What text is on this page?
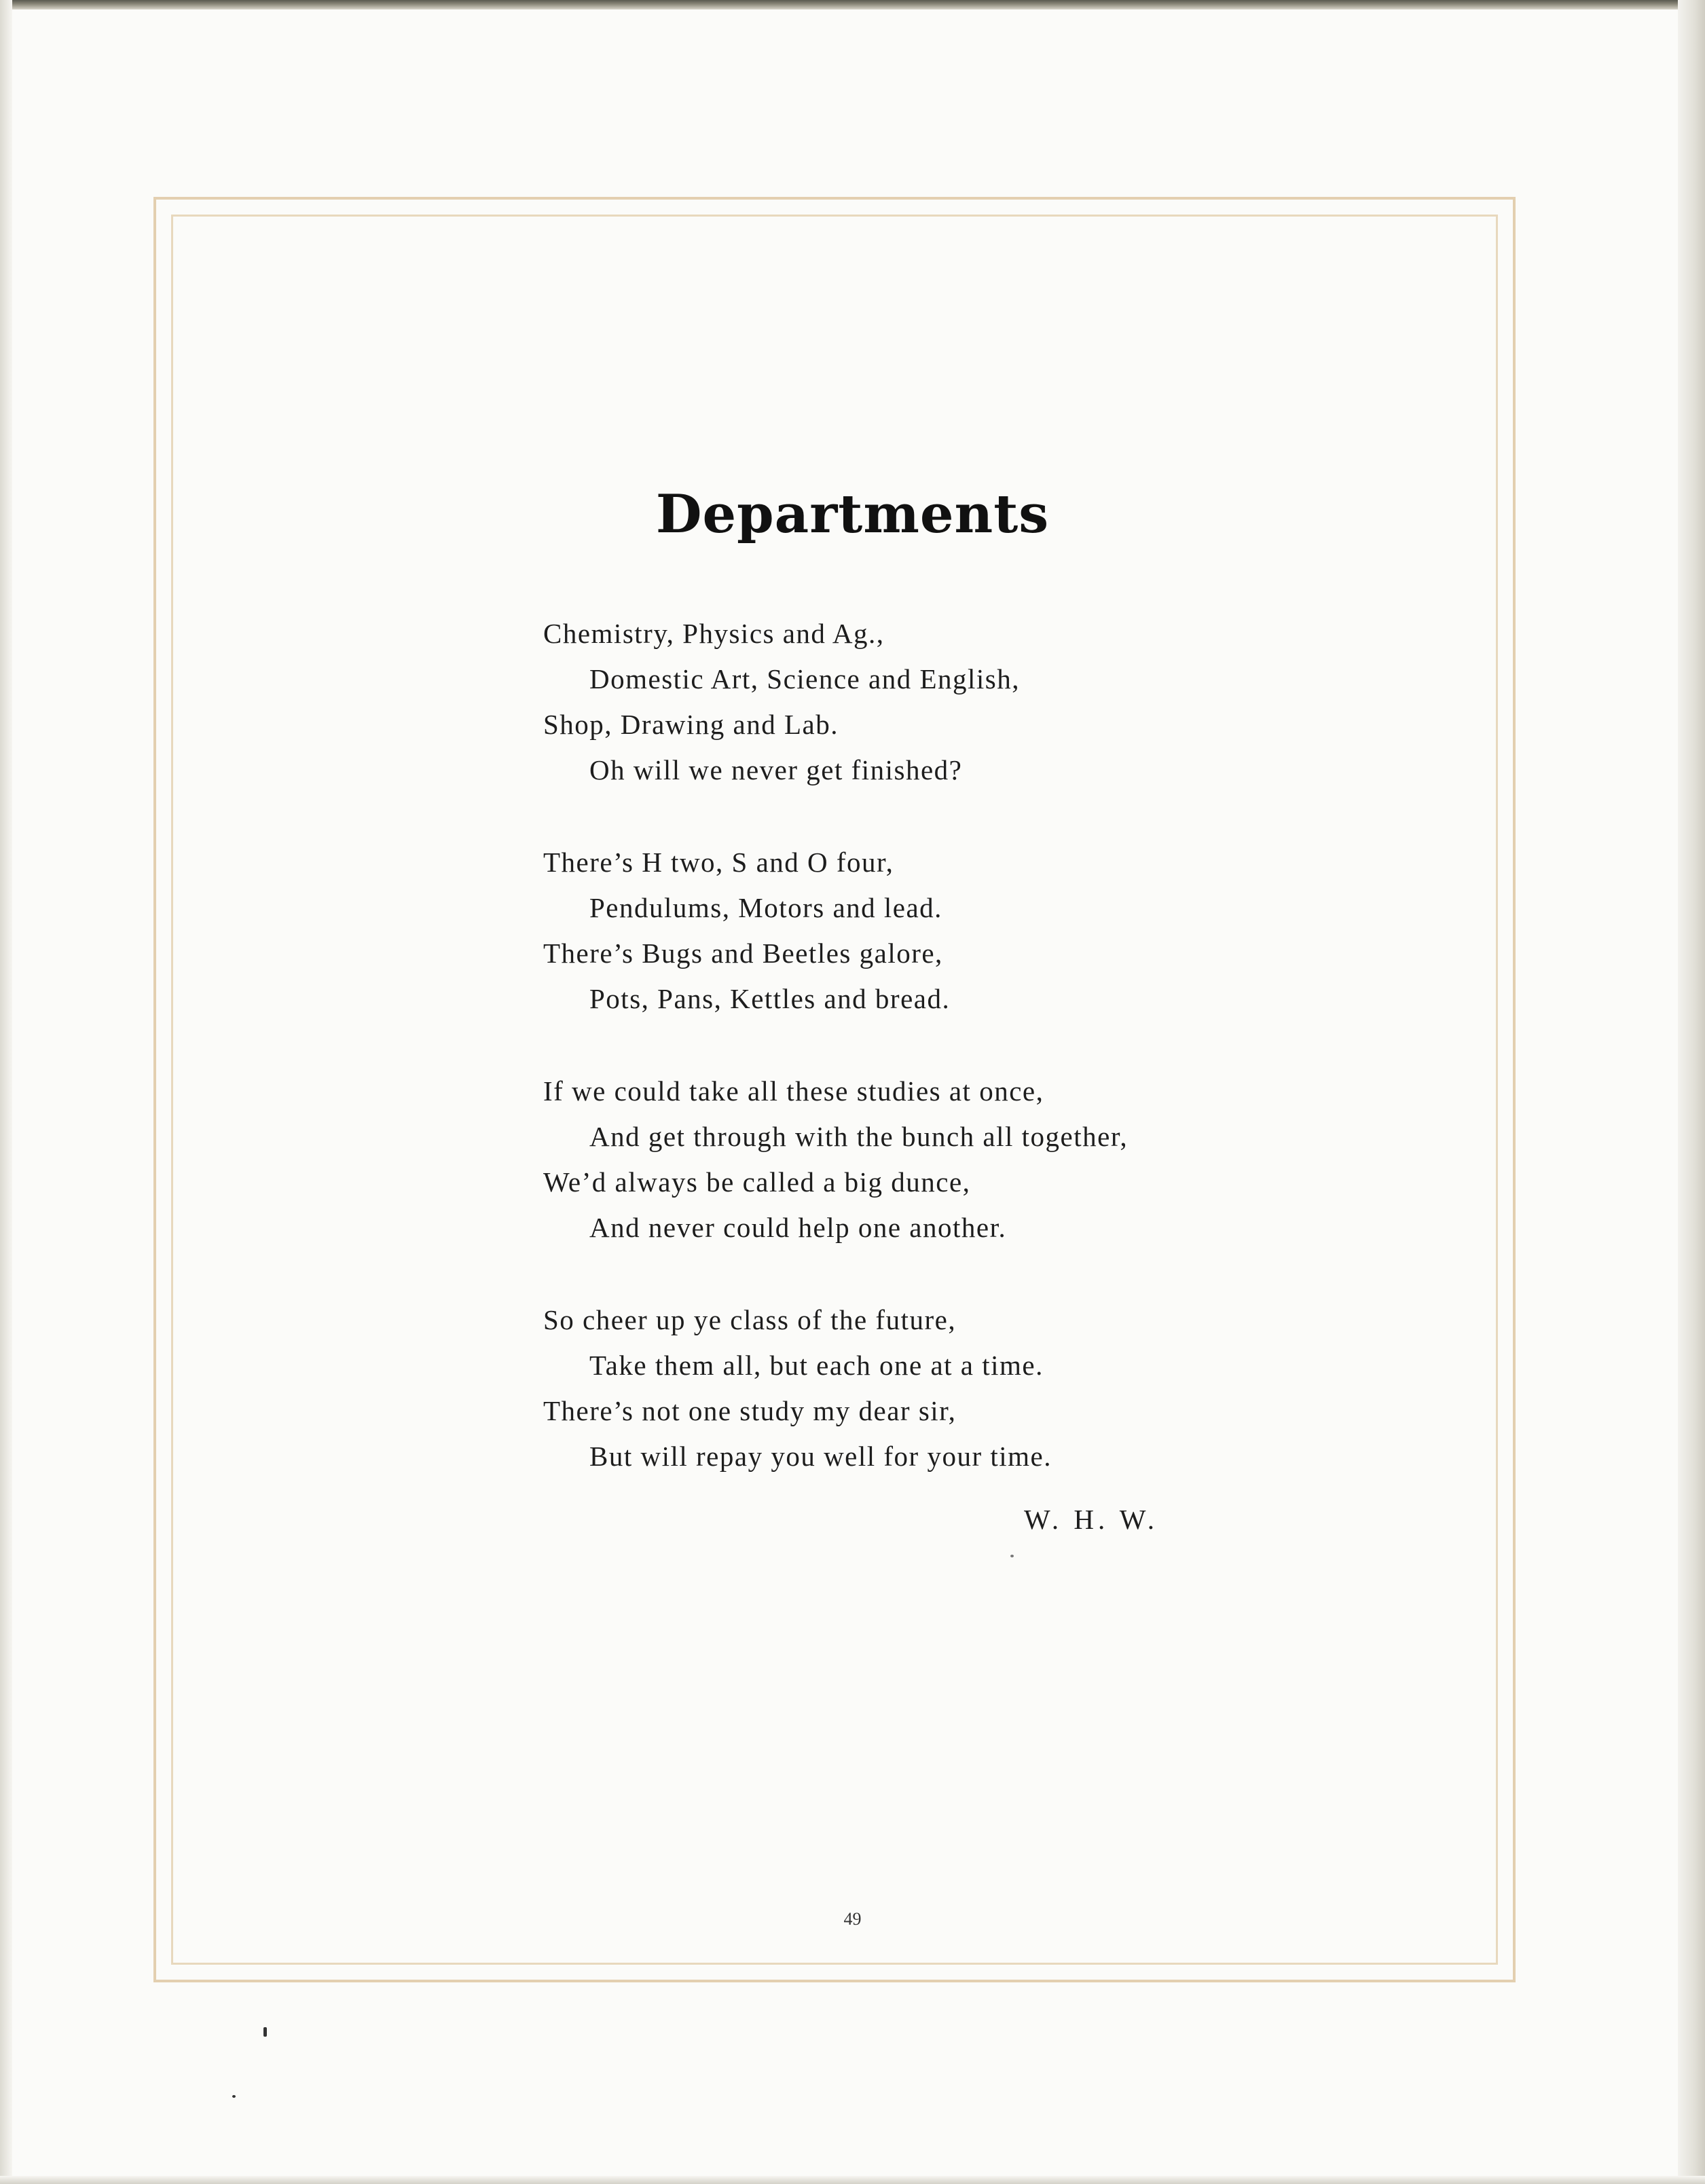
Departments
Chemistry, Physics and Ag.,
Domestic Art, Science and English,
Shop, Drawing and Lab.
Oh will we never get finished?
There’s H two, S and O four,
Pendulums, Motors and lead.
There’s Bugs and Beetles galore,
Pots, Pans, Kettles and bread.
If we could take all these studies at once,
And get through with the bunch all together,
We’d always be called a big dunce,
And never could help one another.
So cheer up ye class of the future,
Take them all, but each one at a time.
There’s not one study my dear sir,
But will repay you well for your time.
W. H. W.
49
